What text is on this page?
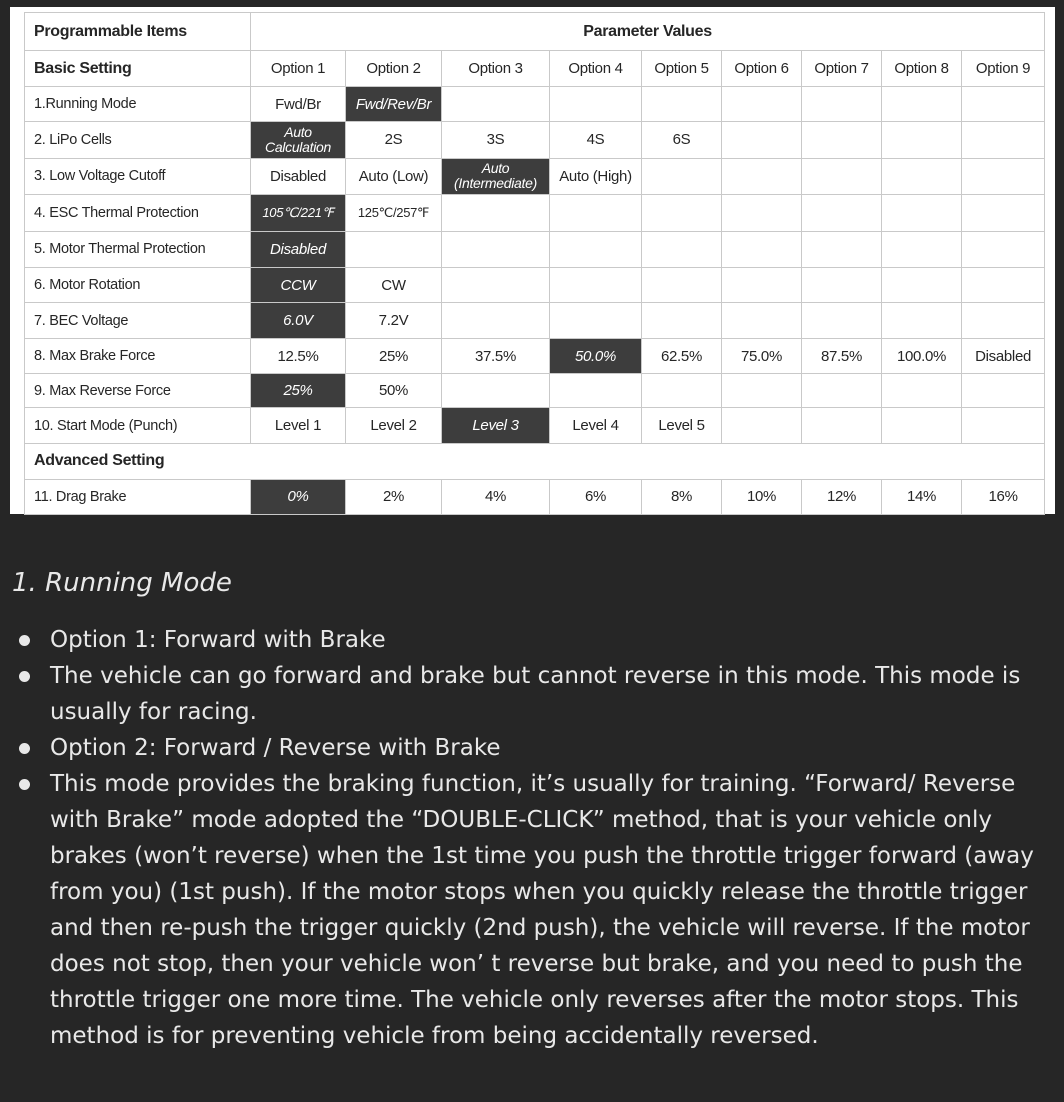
Programmable Items	Parameter Values								
Basic Setting	Option 1	Option 2	Option 3	Option 4	Option 5	Option 6	Option 7	Option 8	Option 9
1.Running Mode	Fwd/Br	Fwd/Rev/Br							
2. LiPo Cells	Auto Calculation	2S	3S	4S	6S				
3. Low Voltage Cutoff	Disabled	Auto (Low)	Auto (Intermediate)	Auto (High)					
4. ESC Thermal Protection	105℃/221℉	125℃/257℉							
5. Motor Thermal Protection	Disabled								
6. Motor Rotation	CCW	CW							
7. BEC Voltage	6.0V	7.2V							
8. Max Brake Force	12.5%	25%	37.5%	50.0%	62.5%	75.0%	87.5%	100.0%	Disabled
9. Max Reverse Force	25%	50%							
10. Start Mode (Punch)	Level 1	Level 2	Level 3	Level 4	Level 5				
Advanced Setting									
11. Drag Brake	0%	2%	4%	6%	8%	10%	12%	14%	16%
1. Running Mode
Option 1: Forward with Brake
The vehicle can go forward and brake but cannot reverse in this mode. This mode is usually for racing.
Option 2: Forward / Reverse with Brake
This mode provides the braking function, it’s usually for training. “Forward/ Reverse with Brake” mode adopted the “DOUBLE-CLICK” method, that is your vehicle only brakes (won’t reverse) when the 1st time you push the throttle trigger forward (away from you) (1st push). If the motor stops when you quickly release the throttle trigger and then re-push the trigger quickly (2nd push), the vehicle will reverse. If the motor does not stop, then your vehicle won’ t reverse but brake, and you need to push the throttle trigger one more time. The vehicle only reverses after the motor stops. This method is for preventing vehicle from being accidentally reversed.
